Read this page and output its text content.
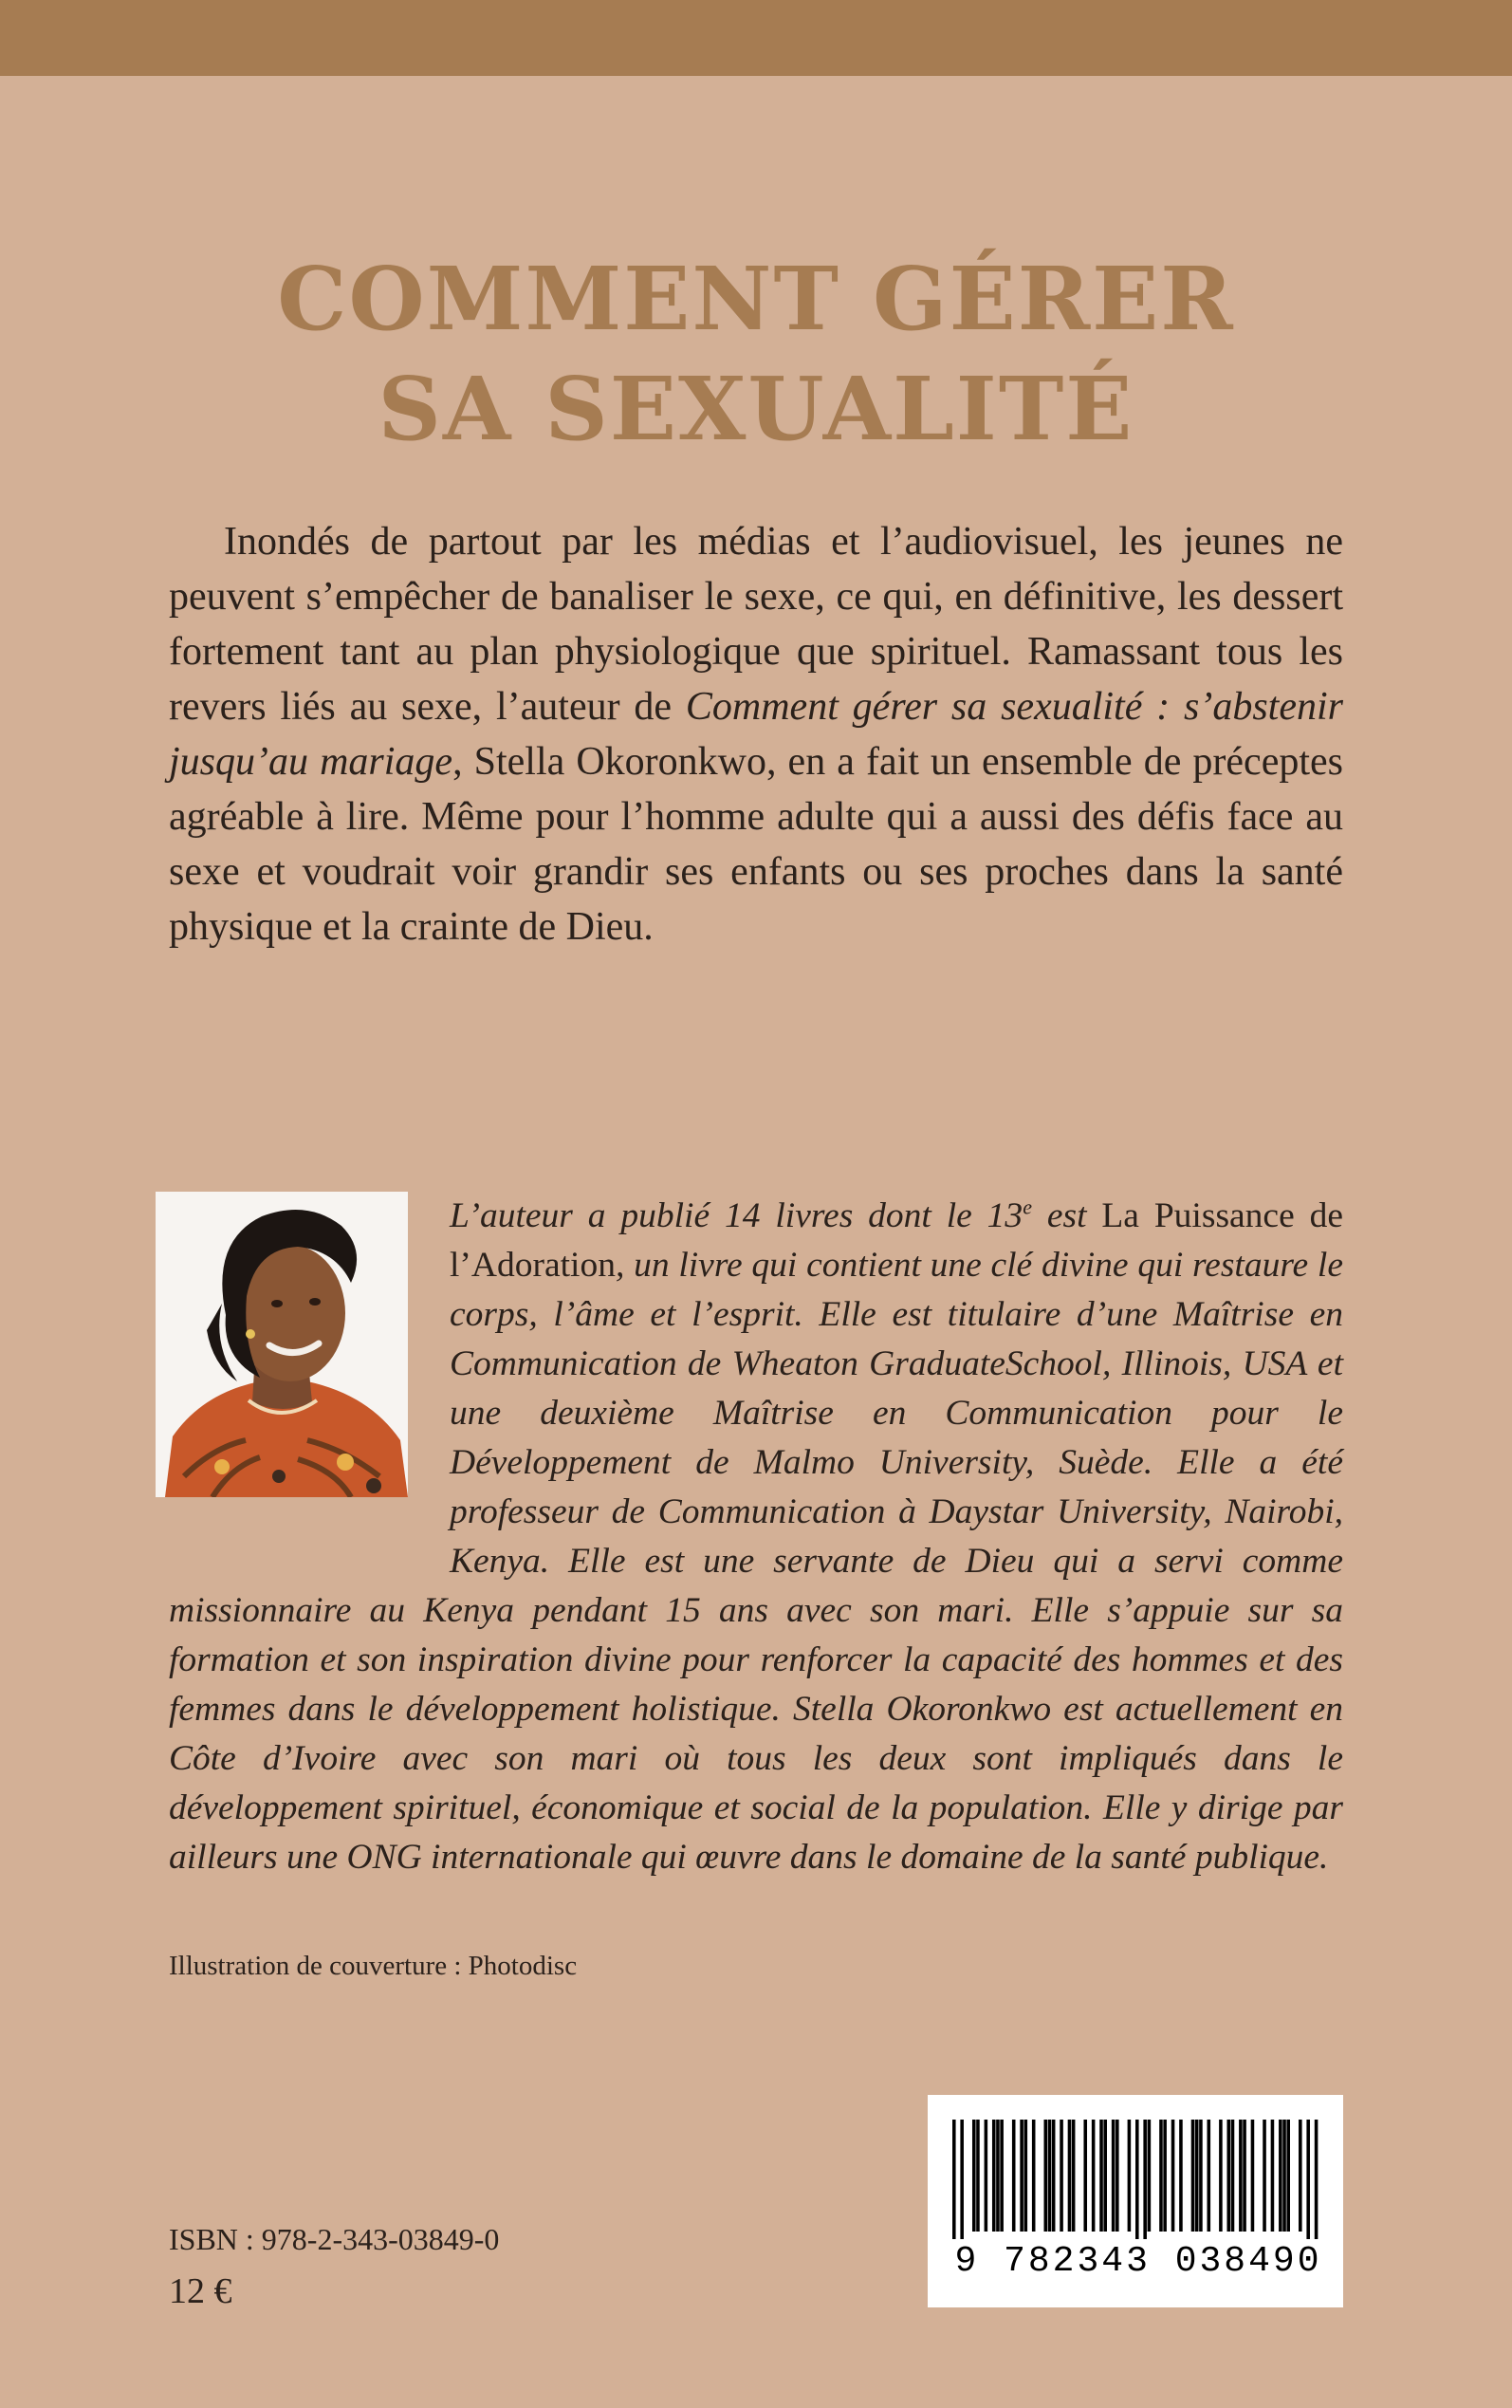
COMMENT GÉRER
SA SEXUALITÉ

Inondés de partout par les médias et l’audiovisuel, les jeunes ne peuvent s’empêcher de banaliser le sexe, ce qui, en définitive, les dessert fortement tant au plan physiologique que spirituel. Ramassant tous les revers liés au sexe, l’auteur de Comment gérer sa sexualité : s’abstenir jusqu’au mariage, Stella Okoronkwo, en a fait un ensemble de préceptes agréable à lire. Même pour l’homme adulte qui a aussi des défis face au sexe et voudrait voir grandir ses enfants ou ses proches dans la santé physique et la crainte de Dieu.

L’auteur a publié 14 livres dont le 13e est La Puissance de l’Adoration, un livre qui contient une clé divine qui restaure le corps, l’âme et l’esprit. Elle est titulaire d’une Maîtrise en Communication de Wheaton GraduateSchool, Illinois, USA et une deuxième Maîtrise en Communication pour le Développement de Malmo University, Suède. Elle a été professeur de Communication à Daystar University, Nairobi, Kenya. Elle est une servante de Dieu qui a servi comme missionnaire au Kenya pendant 15 ans avec son mari. Elle s’appuie sur sa formation et son inspiration divine pour renforcer la capacité des hommes et des femmes dans le développement holistique. Stella Okoronkwo est actuellement en Côte d’Ivoire avec son mari où tous les deux sont impliqués dans le développement spirituel, économique et social de la population. Elle y dirige par ailleurs une ONG internationale qui œuvre dans le domaine de la santé publique.

Illustration de couverture : Photodisc
ISBN : 978-2-343-03849-0
12 €
9 782343 038490
